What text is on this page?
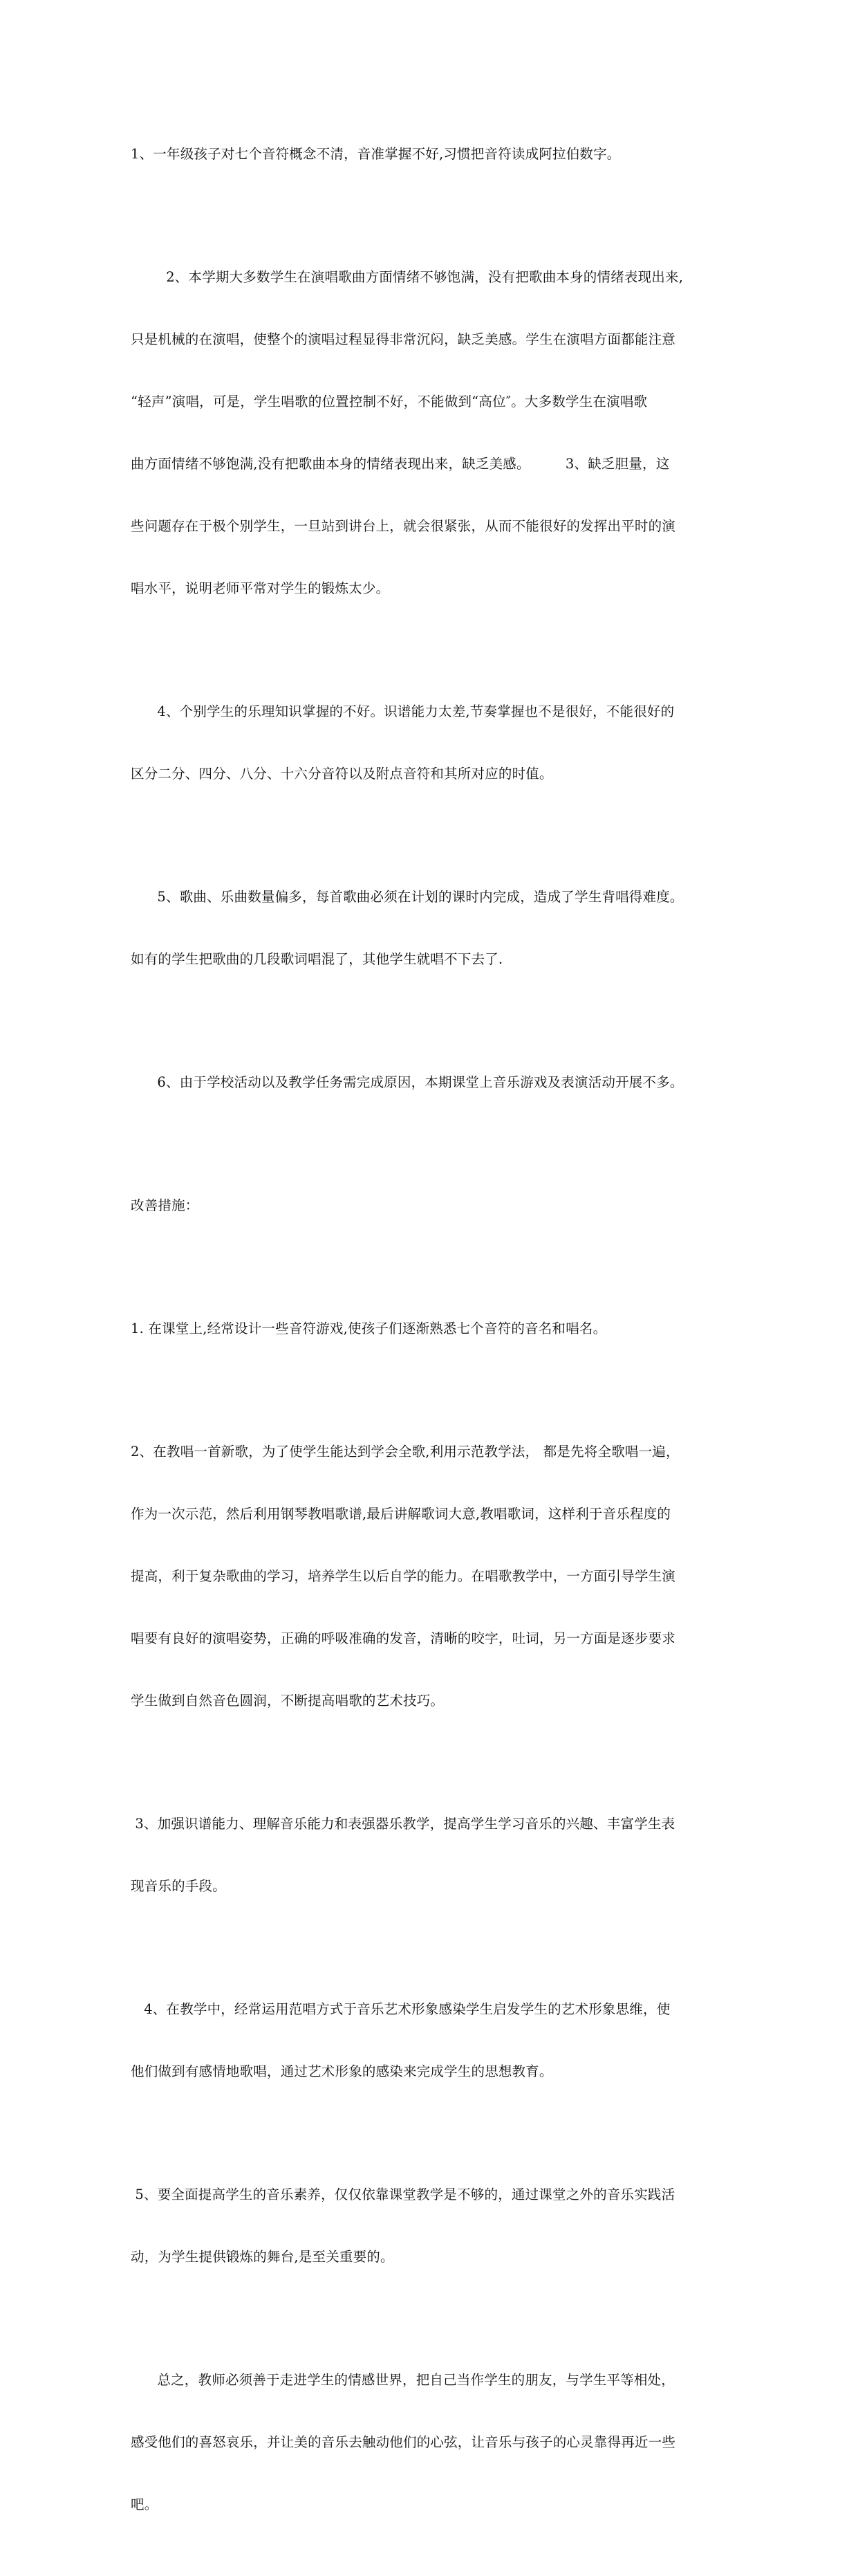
1、一年级孩子对七个音符概念不清，音准掌握不好,习惯把音符读成阿拉伯数字。

2、本学期大多数学生在演唱歌曲方面情绪不够饱满，没有把歌曲本身的情绪表现出来,

只是机械的在演唱，使整个的演唱过程显得非常沉闷，缺乏美感。学生在演唱方面都能注意

“轻声”演唱，可是，学生唱歌的位置控制不好，不能做到“高位″。大多数学生在演唱歌

曲方面情绪不够饱满,没有把歌曲本身的情绪表现出来，缺乏美感。        3、缺乏胆量，这

些问题存在于极个别学生，一旦站到讲台上，就会很紧张，从而不能很好的发挥出平时的演

唱水平，说明老师平常对学生的锻炼太少。

4、个别学生的乐理知识掌握的不好。识谱能力太差,节奏掌握也不是很好，不能很好的

区分二分、四分、八分、十六分音符以及附点音符和其所对应的时值。

5、歌曲、乐曲数量偏多，每首歌曲必须在计划的课时内完成，造成了学生背唱得难度。

如有的学生把歌曲的几段歌词唱混了，其他学生就唱不下去了.

6、由于学校活动以及教学任务需完成原因，本期课堂上音乐游戏及表演活动开展不多。

改善措施：

1. 在课堂上,经常设计一些音符游戏,使孩子们逐渐熟悉七个音符的音名和唱名。

2、在教唱一首新歌，为了使学生能达到学会全歌,利用示范教学法， 都是先将全歌唱一遍，

作为一次示范，然后利用钢琴教唱歌谱,最后讲解歌词大意,教唱歌词，这样利于音乐程度的

提高，利于复杂歌曲的学习，培养学生以后自学的能力。在唱歌教学中，一方面引导学生演

唱要有良好的演唱姿势，正确的呼吸准确的发音，清晰的咬字，吐词，另一方面是逐步要求

学生做到自然音色圆润，不断提高唱歌的艺术技巧。

3、加强识谱能力、理解音乐能力和表强器乐教学，提高学生学习音乐的兴趣、丰富学生表

现音乐的手段。

4、在教学中，经常运用范唱方式于音乐艺术形象感染学生启发学生的艺术形象思维，使

他们做到有感情地歌唱，通过艺术形象的感染来完成学生的思想教育。

5、要全面提高学生的音乐素养，仅仅依靠课堂教学是不够的，通过课堂之外的音乐实践活

动，为学生提供锻炼的舞台,是至关重要的。

总之，教师必须善于走进学生的情感世界，把自己当作学生的朋友，与学生平等相处，

感受他们的喜怒哀乐，并让美的音乐去触动他们的心弦，让音乐与孩子的心灵靠得再近一些

吧。
